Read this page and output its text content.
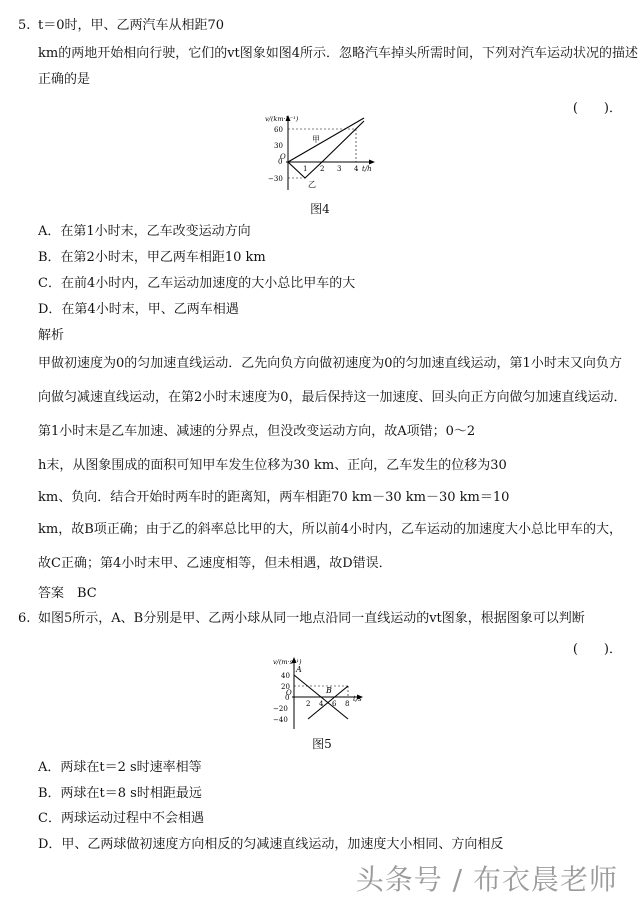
5. t＝0时，甲、乙两汽车从相距70
km的两地开始相向行驶，它们的vt图象如图4所示．忽略汽车掉头所需时间，下列对汽车运动状况的描述
正确的是
(　　)．
v/(km·h⁻¹)
60
30
0
−30
O
1 2 3 4 t/h
甲
乙
图4
A．在第1小时末，乙车改变运动方向
B．在第2小时末，甲乙两车相距10 km
C．在前4小时内，乙车运动加速度的大小总比甲车的大
D．在第4小时末，甲、乙两车相遇
解析
甲做初速度为0的匀加速直线运动．乙先向负方向做初速度为0的匀加速直线运动，第1小时末又向负方
向做匀减速直线运动，在第2小时末速度为0，最后保持这一加速度、回头向正方向做匀加速直线运动．
第1小时末是乙车加速、减速的分界点，但没改变运动方向，故A项错；0～2
h末，从图象围成的面积可知甲车发生位移为30 km、正向，乙车发生的位移为30
km、负向．结合开始时两车时的距离知，两车相距70 km－30 km－30 km＝10
km，故B项正确；由于乙的斜率总比甲的大，所以前4小时内，乙车运动的加速度大小总比甲车的大，
故C正确；第4小时末甲、乙速度相等，但未相遇，故D错误．
答案　BC
6. 如图5所示，A、B分别是甲、乙两小球从同一地点沿同一直线运动的vt图象，根据图象可以判断
(　　)．
v/(m·s⁻¹)
40
20
0
−20
−40
O
2 4 6 8
t/s
A
B
图5
A．两球在t＝2 s时速率相等
B．两球在t＝8 s时相距最远
C．两球运动过程中不会相遇
D．甲、乙两球做初速度方向相反的匀减速直线运动，加速度大小相同、方向相反
头条号 / 布衣晨老师
